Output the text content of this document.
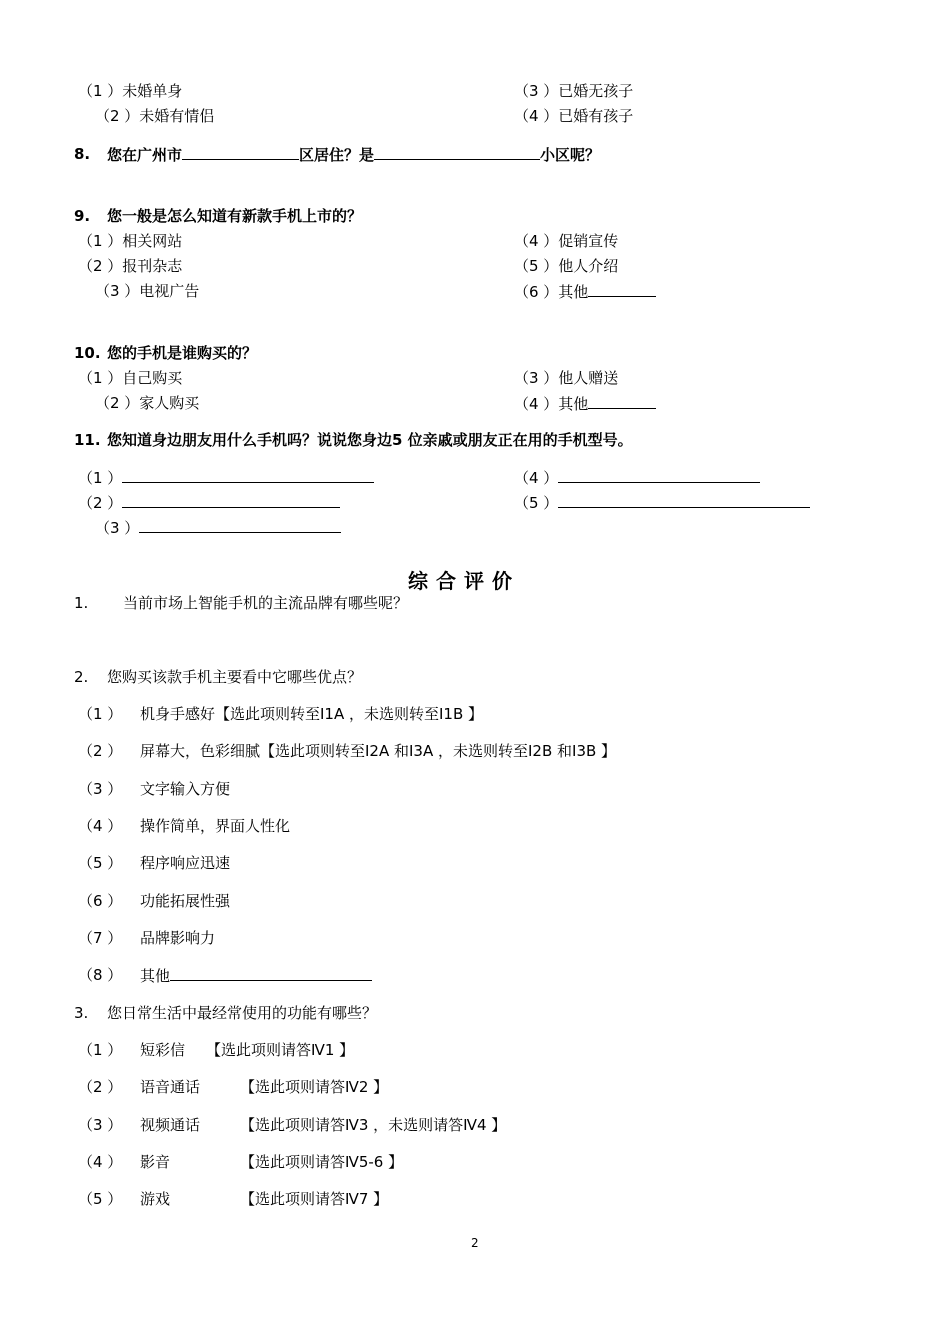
（1 ）未婚单身
（2 ）未婚有情侣
（3 ）已婚无孩子
（4 ）已婚有孩子
8. 您在广州市	区居住？是	小区呢？
9. 您一般是怎么知道有新款手机上市的？
（1 ）相关网站
（2 ）报刊杂志
（3 ）电视广告
（4 ）促销宣传
（5 ）他人介绍
（6 ）其他
10. 您的手机是谁购买的？
（1 ）自己购买
（2 ）家人购买
（3 ）他人赠送
（4 ）其他
11. 您知道身边朋友用什么手机吗？说说您身边5 位亲戚或朋友正在用的手机型号。
（1 ）
（2 ）
（3 ）
（4 ）
（5 ）
综合评价
1. 当前市场上智能手机的主流品牌有哪些呢？
2. 您购买该款手机主要看中它哪些优点？
（1 ） 机身手感好【选此项则转至Ⅰ1A ，未选则转至Ⅰ1B 】
（2 ） 屏幕大，色彩细腻【选此项则转至Ⅰ2A 和Ⅰ3A ，未选则转至Ⅰ2B 和Ⅰ3B 】
（3 ） 文字输入方便
（4 ） 操作简单，界面人性化
（5 ） 程序响应迅速
（6 ） 功能拓展性强
（7 ） 品牌影响力
（8 ） 其他
3. 您日常生活中最经常使用的功能有哪些？
（1 ） 短彩信 【选此项则请答Ⅳ1 】
（2 ） 语音通话	【选此项则请答Ⅳ2 】
（3 ） 视频通话	【选此项则请答Ⅳ3 ，未选则请答Ⅳ4 】
（4 ） 影音	【选此项则请答Ⅳ5-6 】
（5 ） 游戏	【选此项则请答Ⅳ7 】
2
